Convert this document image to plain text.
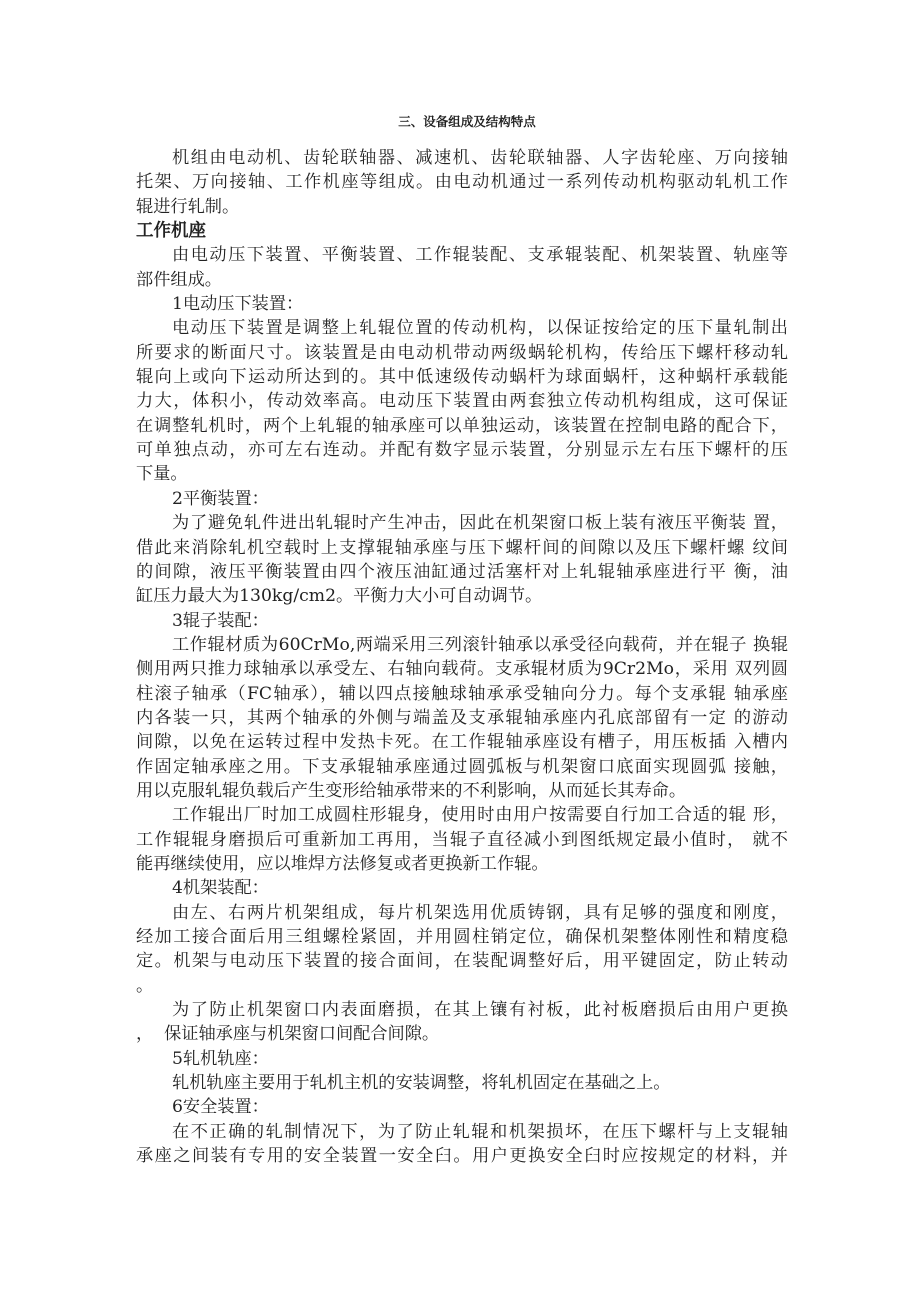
三、设备组成及结构特点
机组由电动机、齿轮联轴器、减速机、齿轮联轴器、人字齿轮座、万向接轴
托架、万向接轴、工作机座等组成。由电动机通过一系列传动机构驱动轧机工作
辊进行轧制。
工作机座
由电动压下装置、平衡装置、工作辊装配、支承辊装配、机架装置、轨座等
部件组成。
1电动压下装置：
电动压下装置是调整上轧辊位置的传动机构，以保证按给定的压下量轧制出
所要求的断面尺寸。该装置是由电动机带动两级蜗轮机构，传给压下螺杆移动轧
辊向上或向下运动所达到的。其中低速级传动蜗杆为球面蜗杆，这种蜗杆承载能
力大，体积小，传动效率高。电动压下装置由两套独立传动机构组成，这可保证
在调整轧机时，两个上轧辊的轴承座可以单独运动，该装置在控制电路的配合下，
可单独点动，亦可左右连动。并配有数字显示装置，分别显示左右压下螺杆的压
下量。
2平衡装置：
为了避免轧件进出轧辊时产生冲击，因此在机架窗口板上装有液压平衡装 置，
借此来消除轧机空载时上支撑辊轴承座与压下螺杆间的间隙以及压下螺杆螺 纹间
的间隙，液压平衡装置由四个液压油缸通过活塞杆对上轧辊轴承座进行平 衡，油
缸压力最大为130kg/cm2。平衡力大小可自动调节。
3辊子装配：
工作辊材质为60CrMo,两端采用三列滚针轴承以承受径向载荷，并在辊子 换辊
侧用两只推力球轴承以承受左、右轴向载荷。支承辊材质为9Cr2Mo，采用 双列圆
柱滚子轴承（FC轴承），辅以四点接触球轴承承受轴向分力。每个支承辊 轴承座
内各装一只，其两个轴承的外侧与端盖及支承辊轴承座内孔底部留有一定 的游动
间隙，以免在运转过程中发热卡死。在工作辊轴承座设有槽子，用压板插 入槽内
作固定轴承座之用。下支承辊轴承座通过圆弧板与机架窗口底面实现圆弧 接触，
用以克服轧辊负载后产生变形给轴承带来的不利影响，从而延长其寿命。
工作辊出厂时加工成圆柱形辊身，使用时由用户按需要自行加工合适的辊 形，
工作辊辊身磨损后可重新加工再用，当辊子直径减小到图纸规定最小值时， 就不
能再继续使用，应以堆焊方法修复或者更换新工作辊。
4机架装配：
由左、右两片机架组成，每片机架选用优质铸钢，具有足够的强度和刚度，
经加工接合面后用三组螺栓紧固，并用圆柱销定位，确保机架整体刚性和精度稳
定。机架与电动压下装置的接合面间，在装配调整好后，用平键固定，防止转动
。
为了防止机架窗口内表面磨损，在其上镶有衬板，此衬板磨损后由用户更换
，  保证轴承座与机架窗口间配合间隙。
5轧机轨座：
轧机轨座主要用于轧机主机的安装调整，将轧机固定在基础之上。
6安全装置：
在不正确的轧制情况下，为了防止轧辊和机架损坏，在压下螺杆与上支辊轴
承座之间装有专用的安全装置一安全臼。用户更换安全臼时应按规定的材料，并
